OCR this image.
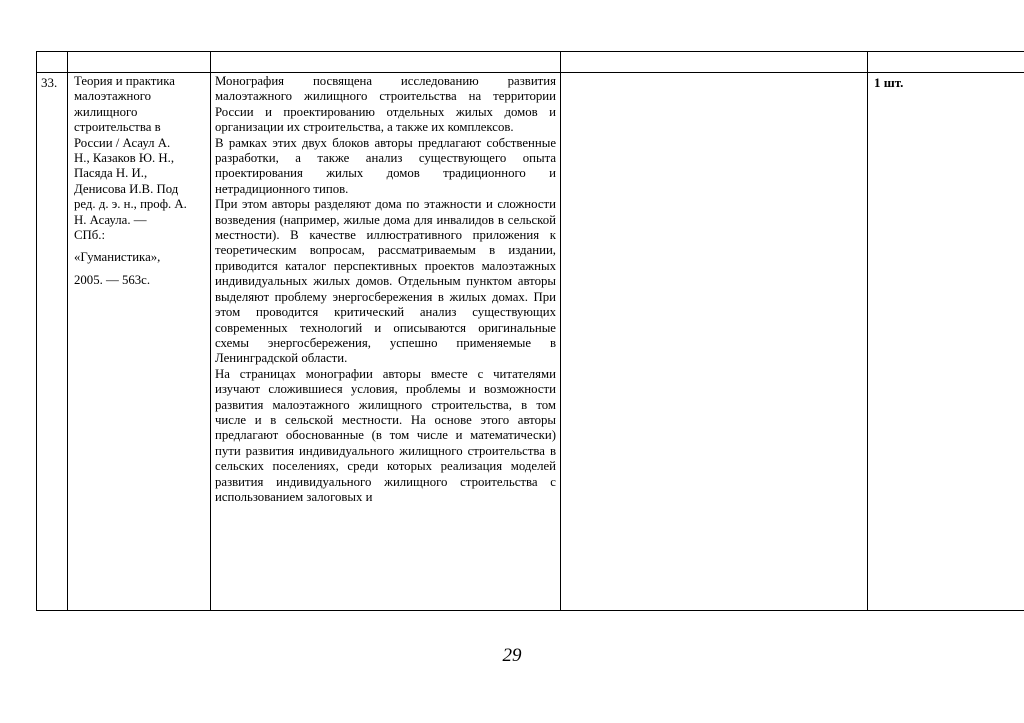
33.	Теория и практика

малоэтажного

жилищного

строительства в

России / Асаул А.

Н., Казаков Ю. Н.,

Пасяда Н. И.,

Денисова И.В. Под

ред. д. э. н., проф. А.

Н. Асаула. —

СПб.:

«Гуманистика»,

2005. — 563с.

Монография посвящена исследованию развития малоэтажного жилищного строительства на территории России и проектированию отдельных жилых домов и организации их строительства, а также их комплексов.

В рамках этих двух блоков авторы предлагают собственные разработки, а также анализ существующего опыта проектирования жилых домов традиционного и нетрадиционного типов.

При этом авторы разделяют дома по этажности и сложности возведения (например, жилые дома для инвалидов в сельской местности). В качестве иллюстративного приложения к теоретическим вопросам, рассматриваемым в издании, приводится каталог перспективных проектов малоэтажных индивидуальных жилых домов. Отдельным пунктом авторы выделяют проблему энергосбережения в жилых домах. При этом проводится критический анализ существующих современных технологий и описываются оригинальные схемы энергосбережения, успешно применяемые в Ленинградской области.

На страницах монографии авторы вместе с читателями изучают сложившиеся условия, проблемы и возможности развития малоэтажного жилищного строительства, в том числе и в сельской местности. На основе этого авторы предлагают обоснованные (в том числе и математически) пути развития индивидуального жилищного строительства в сельских поселениях, среди которых реализация моделей развития индивидуального жилищного строительства с использованием залоговых и

1 шт.
29
